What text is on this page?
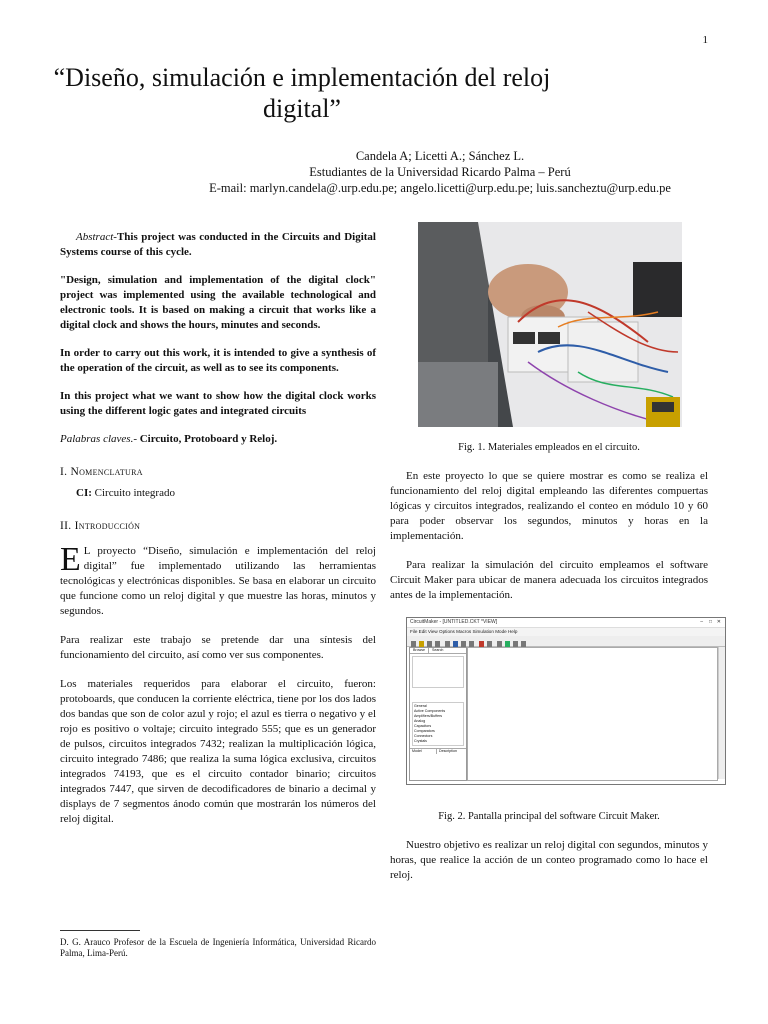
1
“Diseño, simulación e implementación del reloj digital”
Candela A; Licetti A.; Sánchez L.
Estudiantes de la Universidad Ricardo Palma – Perú
E-mail: marlyn.candela@.urp.edu.pe; angelo.licetti@urp.edu.pe; luis.sancheztu@urp.edu.pe

Abstract-This project was conducted in the Circuits and Digital Systems course of this cycle.

"Design, simulation and implementation of the digital clock" project was implemented using the available technological and electronic tools. It is based on making a circuit that works like a digital clock and shows the hours, minutes and seconds.

In order to carry out this work, it is intended to give a synthesis of the operation of the circuit, as well as to see its components.

In this project what we want to show how the digital clock works using the different logic gates and integrated circuits

Palabras claves.- Circuito, Protoboard y Reloj.

I. Nomenclatura

CI: Circuito integrado

II. Introducción

E L proyecto “Diseño, simulación e implementación del reloj digital” fue implementado utilizando las herramientas tecnológicas y electrónicas disponibles. Se basa en elaborar un circuito que funcione como un reloj digital y que muestre las horas, minutos y segundos.

Para realizar este trabajo se pretende dar una síntesis del funcionamiento del circuito, así como ver sus componentes.

Los materiales requeridos para elaborar el circuito, fueron: protoboards, que conducen la corriente eléctrica, tiene por los dos lados dos bandas que son de color azul y rojo; el azul es tierra o negativo y el rojo es positivo o voltaje; circuito integrado 555; que es un generador de pulsos, circuitos integrados 7432; realizan la multiplicación lógica, circuito integrado 7486; que realiza la suma lógica exclusiva, circuitos integrados 74193, que es el circuito contador binario; circuitos integrados 7447, que sirven de decodificadores de binario a decimal y displays de 7 segmentos ánodo común que mostrarán los números del reloj digital.

D. G. Arauco Profesor de la Escuela de Ingeniería Informática, Universidad Ricardo Palma, Lima-Perú.

Fig. 1. Materiales empleados en el circuito.

En este proyecto lo que se quiere mostrar es como se realiza el funcionamiento del reloj digital empleando las diferentes compuertas lógicas y circuitos integrados, realizando el conteo en módulo 10 y 60 para poder observar los segundos, minutos y horas en la implementación.

Para realizar la simulación del circuito empleamos el software Circuit Maker para ubicar de manera adecuada los circuitos integrados antes de la implementación.

Fig. 2. Pantalla principal del software Circuit Maker.

Nuestro objetivo es realizar un reloj digital con segundos, minutos y horas, que realice la acción de un conteo programado como lo hace el reloj.

CircuitMaker - [UNTITLED.CKT *VIEW]	– □ ✕
File Edit View Options Macros Simulation Mode Help
Browse	Search
General
Active Components
Amplifiers/Buffers
Analog
Capacitors
Comparators
Connectors
Crystals
Model	Description
